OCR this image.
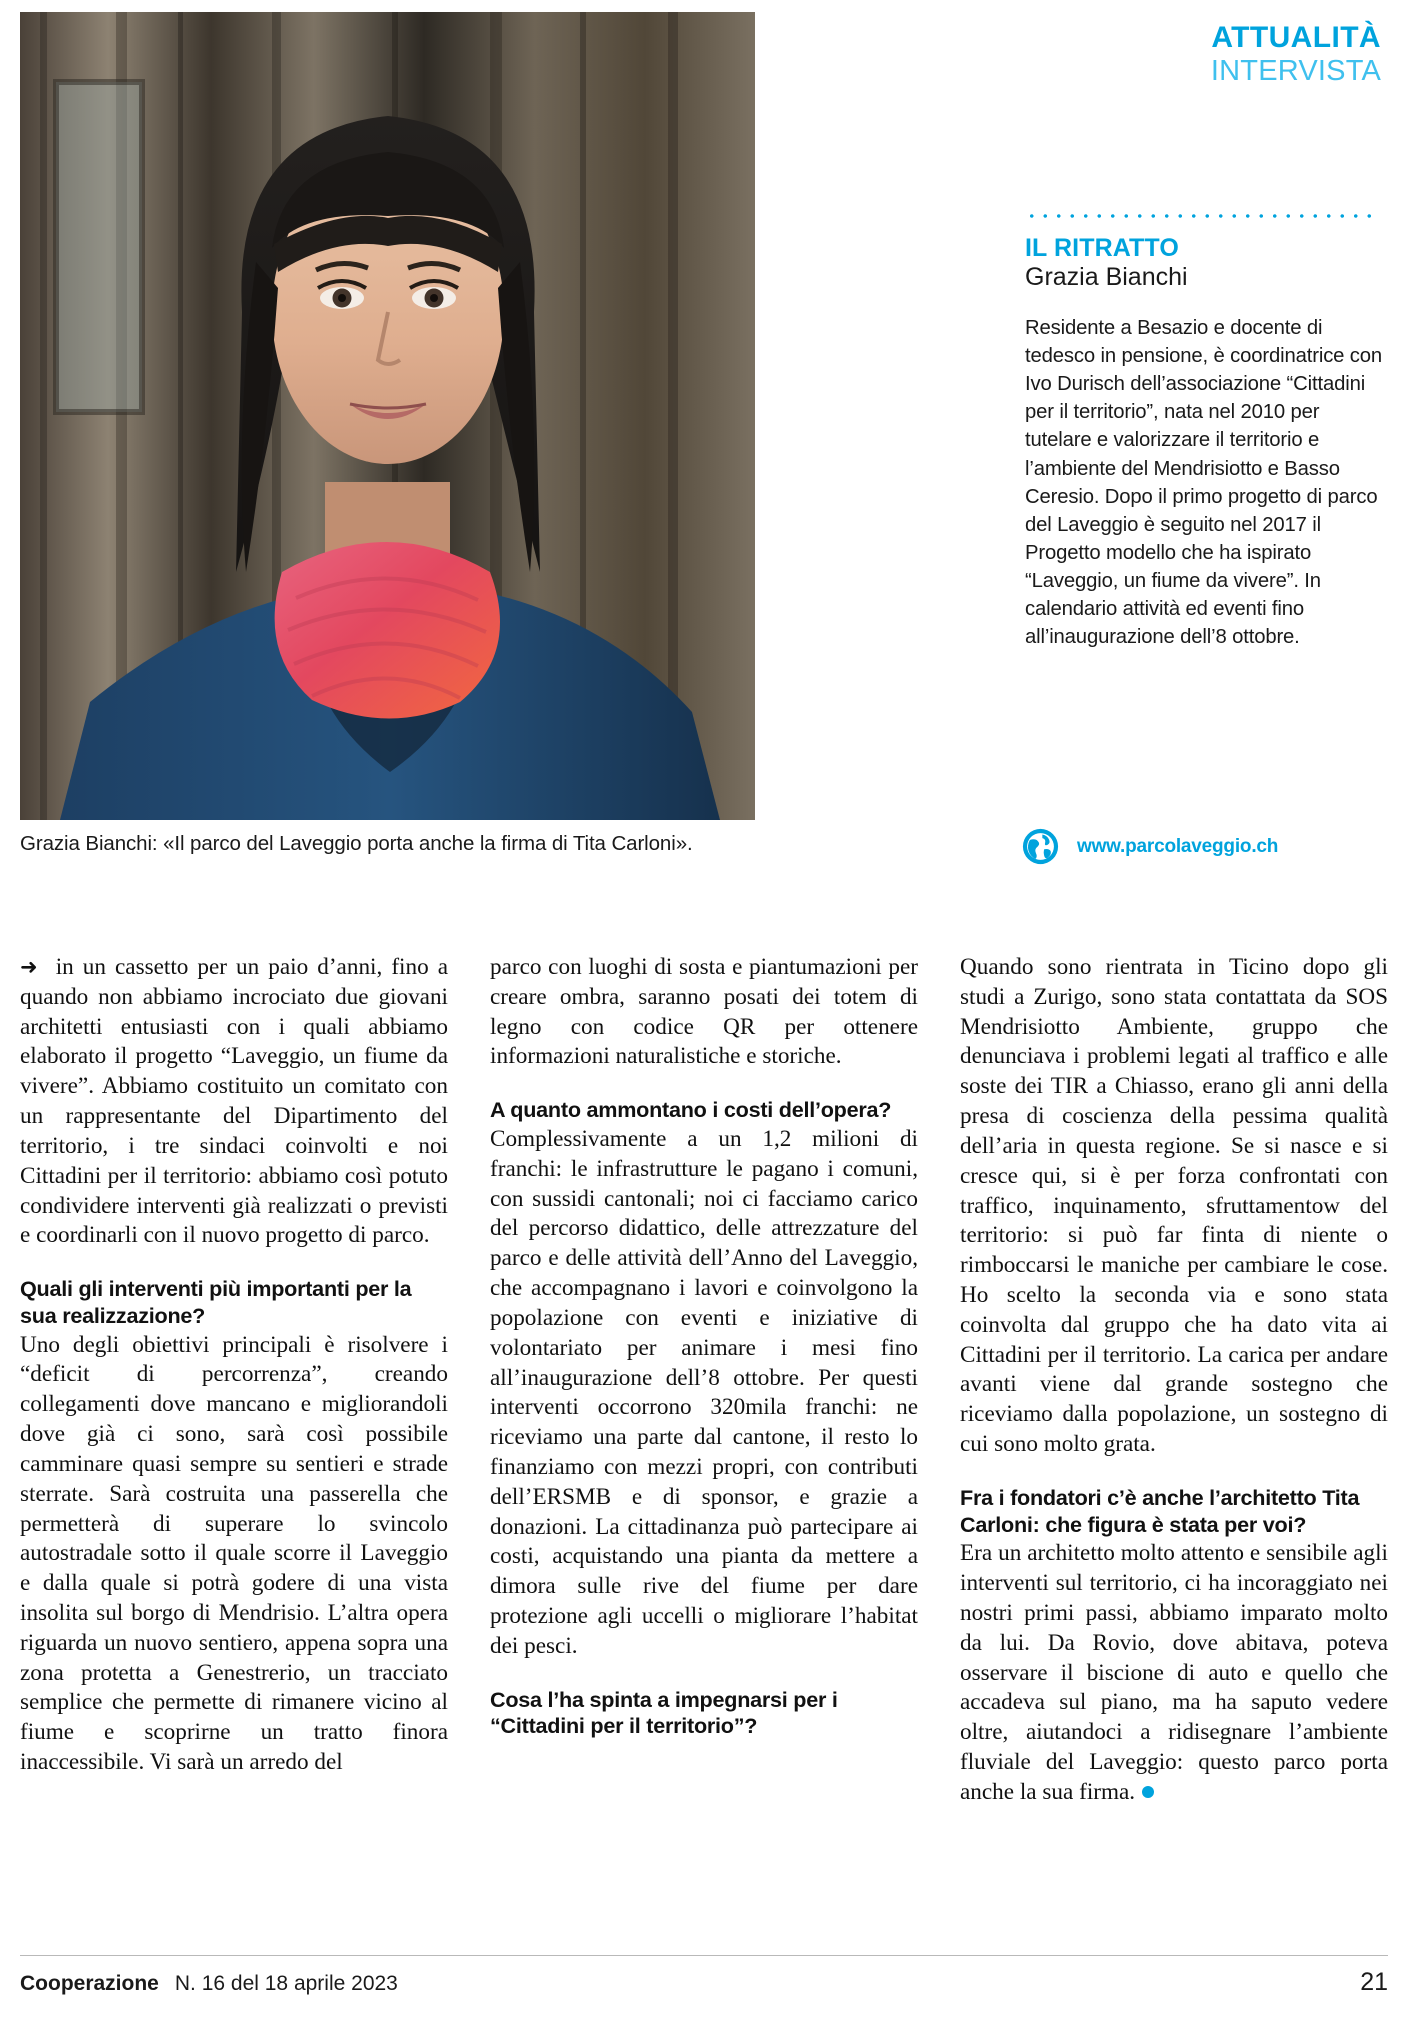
ATTUALITÀ
INTERVISTA
Grazia Bianchi: «Il parco del Laveggio porta anche la firma di Tita Carloni».
IL RITRATTO
Grazia Bianchi
Residente a Besazio e docente di tedesco in pensione, è coordinatrice con Ivo Durisch dell’associazione “Cittadini per il territorio”, nata nel 2010 per tutelare e valorizzare il territorio e l’ambiente del Mendrisiotto e Basso Ceresio. Dopo il primo progetto di parco del Laveggio è seguito nel 2017 il Progetto modello che ha ispirato “Laveggio, un fiume da vivere”. In calendario attività ed eventi fino all’inaugurazione dell’8 ottobre.
www.parcolaveggio.ch

➜ in un cassetto per un paio d’anni, fino a quando non abbiamo incrociato due giovani architetti entusiasti con i quali abbiamo elaborato il progetto “Laveggio, un fiume da vivere”. Abbiamo costituito un comitato con un rappresentante del Dipartimento del territorio, i tre sindaci coinvolti e noi Cittadini per il territorio: abbiamo così potuto condividere interventi già realizzati o previsti e coordinarli con il nuovo progetto di parco.

Quali gli interventi più importanti per la sua realizzazione?

Uno degli obiettivi principali è risolvere i “deficit di percorrenza”, creando collegamenti dove mancano e migliorandoli dove già ci sono, sarà così possibile camminare quasi sempre su sentieri e strade sterrate. Sarà costruita una passerella che permetterà di superare lo svincolo autostradale sotto il quale scorre il Laveggio e dalla quale si potrà godere di una vista insolita sul borgo di Mendrisio. L’altra opera riguarda un nuovo sentiero, appena sopra una zona protetta a Genestrerio, un tracciato semplice che permette di rimanere vicino al fiume e scoprirne un tratto finora inaccessibile. Vi sarà un arredo del

parco con luoghi di sosta e piantumazioni per creare ombra, saranno posati dei totem di legno con codice QR per ottenere informazioni naturalistiche e storiche.

A quanto ammontano i costi dell’opera?

Complessivamente a un 1,2 milioni di franchi: le infrastrutture le pagano i comuni, con sussidi cantonali; noi ci facciamo carico del percorso didattico, delle attrezzature del parco e delle attività dell’Anno del Laveggio, che accompagnano i lavori e coinvolgono la popolazione con eventi e iniziative di volontariato per animare i mesi fino all’inaugurazione dell’8 ottobre. Per questi interventi occorrono 320mila franchi: ne riceviamo una parte dal cantone, il resto lo finanziamo con mezzi propri, con contributi dell’ERSMB e di sponsor, e grazie a donazioni. La cittadinanza può partecipare ai costi, acquistando una pianta da mettere a dimora sulle rive del fiume per dare protezione agli uccelli o migliorare l’habitat dei pesci.

Cosa l’ha spinta a impegnarsi per i “Cittadini per il territorio”?

Quando sono rientrata in Ticino dopo gli studi a Zurigo, sono stata contattata da SOS Mendrisiotto Ambiente, gruppo che denunciava i problemi legati al traffico e alle soste dei TIR a Chiasso, erano gli anni della presa di coscienza della pessima qualità dell’aria in questa regione. Se si nasce e si cresce qui, si è per forza confrontati con traffico, inquinamento, sfruttamentow del territorio: si può far finta di niente o rimboccarsi le maniche per cambiare le cose. Ho scelto la seconda via e sono stata coinvolta dal gruppo che ha dato vita ai Cittadini per il territorio. La carica per andare avanti viene dal grande sostegno che riceviamo dalla popolazione, un sostegno di cui sono molto grata.

Fra i fondatori c’è anche l’architetto Tita Carloni: che figura è stata per voi?

Era un architetto molto attento e sensibile agli interventi sul territorio, ci ha incoraggiato nei nostri primi passi, abbiamo imparato molto da lui. Da Rovio, dove abitava, poteva osservare il biscione di auto e quello che accadeva sul piano, ma ha saputo vedere oltre, aiutandoci a ridisegnare l’ambiente fluviale del Laveggio: questo parco porta anche la sua firma.

Cooperazione N. 16 del 18 aprile 2023	21
